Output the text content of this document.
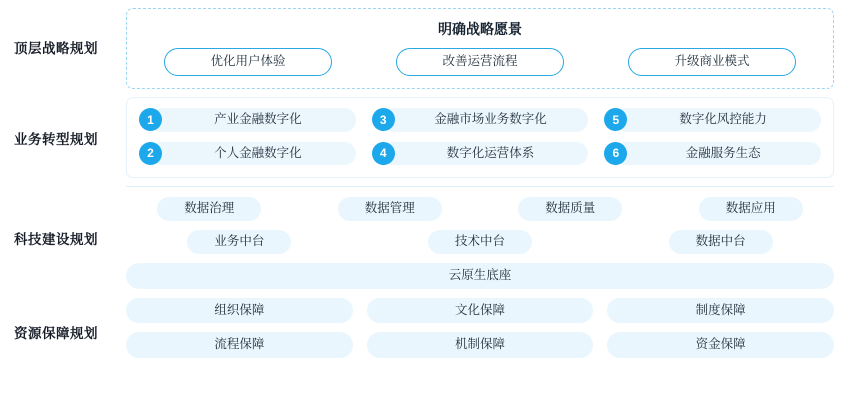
顶层战略规划
明确战略愿景
优化用户体验	改善运营流程	升级商业模式
业务转型规划
1	产业金融数字化	3	金融市场业务数字化	5	数字化风控能力
2	个人金融数字化	4	数字化运营体系	6	金融服务生态
科技建设规划
数据治理	数据管理	数据质量	数据应用
业务中台	技术中台	数据中台
云原生底座
资源保障规划
组织保障	文化保障	制度保障
流程保障	机制保障	资金保障
